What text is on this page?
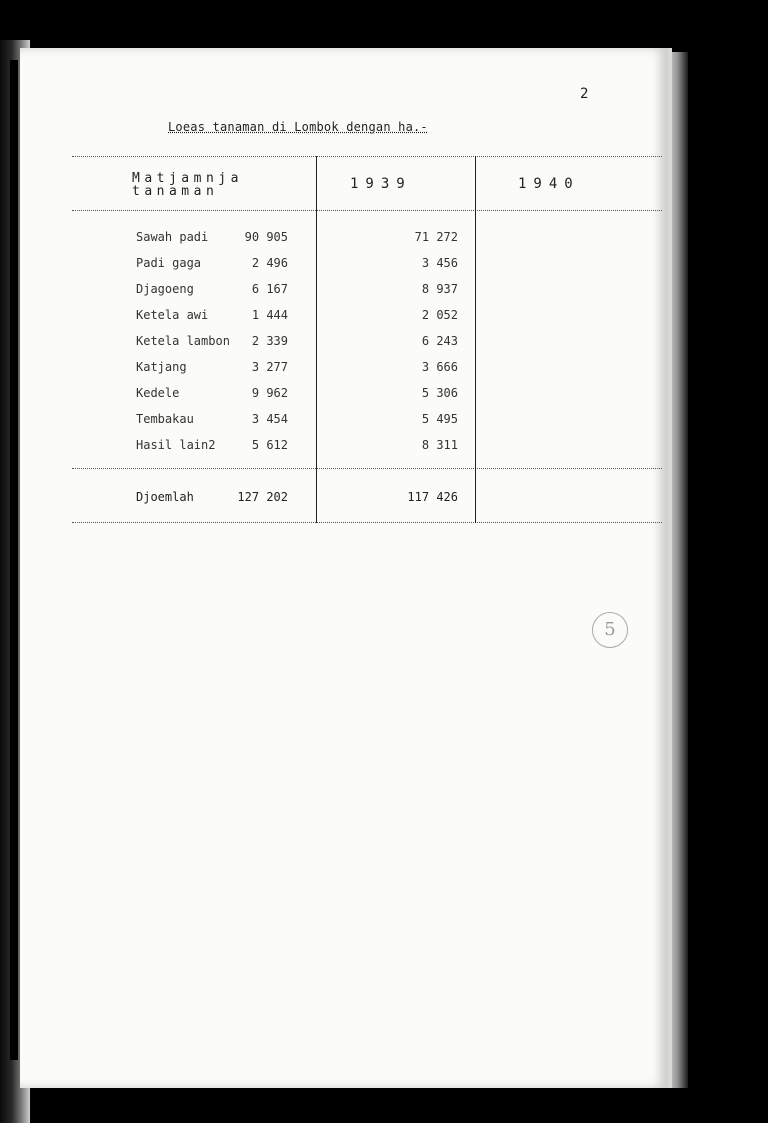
2
Loeas tanaman di Lombok dengan ha.-
Matjamnja
tanaman	1939	1940
Sawah padi	90 905	71 272
Padi gaga	2 496	3 456
Djagoeng	6 167	8 937
Ketela awi	1 444	2 052
Ketela lambon 2 339	6 243
Katjang	3 277	3 666
Kedele	9 962	5 306
Tembakau	3 454	5 495
Hasil lain2	5 612	8 311
Djoemlah	127 202	117 426
5
